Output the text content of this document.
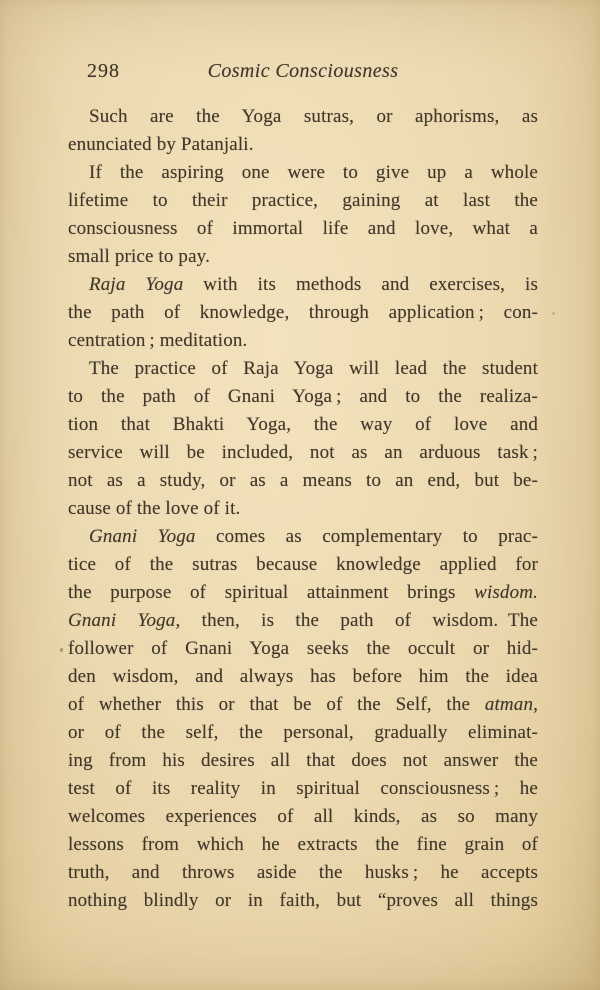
298	Cosmic Consciousness
Such are the Yoga sutras, or aphorisms, as
enunciated by Patanjali.
If the aspiring one were to give up a whole
lifetime to their practice, gaining at last the
consciousness of immortal life and love, what a
small price to pay.
Raja Yoga with its methods and exercises, is
the path of knowledge, through application ; con-
centration ; meditation.
The practice of Raja Yoga will lead the student
to the path of Gnani Yoga ; and to the realiza-
tion that Bhakti Yoga, the way of love and
service will be included, not as an arduous task ;
not as a study, or as a means to an end, but be-
cause of the love of it.
Gnani Yoga comes as complementary to prac-
tice of the sutras because knowledge applied for
the purpose of spiritual attainment brings wisdom.
Gnani Yoga, then, is the path of wisdom. The
follower of Gnani Yoga seeks the occult or hid-
den wisdom, and always has before him the idea
of whether this or that be of the Self, the atman,
or of the self, the personal, gradually eliminat-
ing from his desires all that does not answer the
test of its reality in spiritual consciousness ; he
welcomes experiences of all kinds, as so many
lessons from which he extracts the fine grain of
truth, and throws aside the husks ; he accepts
nothing blindly or in faith, but “proves all things
